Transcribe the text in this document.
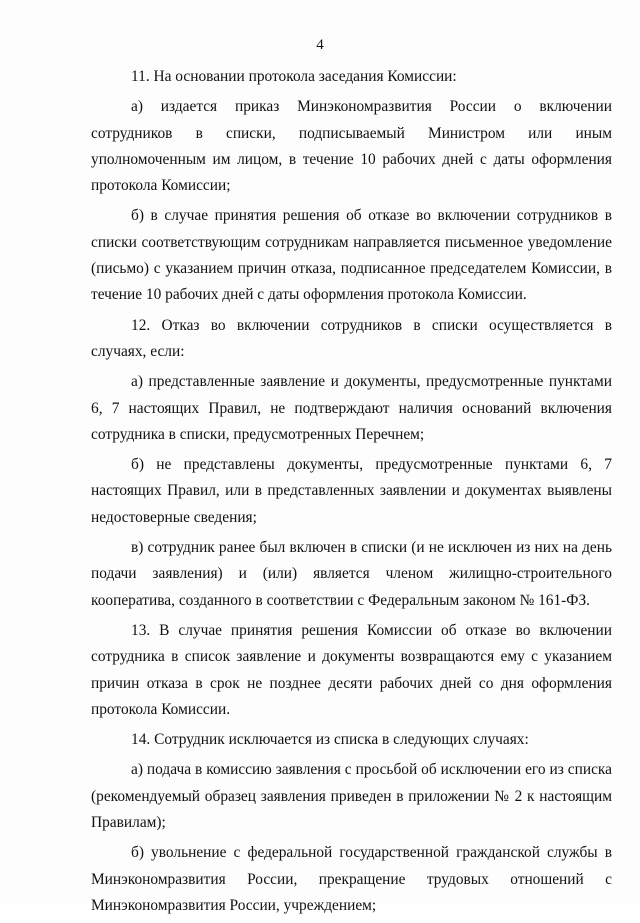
4

11. На основании протокола заседания Комиссии:

а) издается приказ Минэкономразвития России о включении сотрудников в списки, подписываемый Министром или иным уполномоченным им лицом, в течение 10 рабочих дней с даты оформления протокола Комиссии;

б) в случае принятия решения об отказе во включении сотрудников в списки соответствующим сотрудникам направляется письменное уведомление (письмо) с указанием причин отказа, подписанное председателем Комиссии, в течение 10 рабочих дней с даты оформления протокола Комиссии.

12. Отказ во включении сотрудников в списки осуществляется в случаях, если:

а) представленные заявление и документы, предусмотренные пунктами 6, 7 настоящих Правил, не подтверждают наличия оснований включения сотрудника в списки, предусмотренных Перечнем;

б) не представлены документы, предусмотренные пунктами 6, 7 настоящих Правил, или в представленных заявлении и документах выявлены недостоверные сведения;

в) сотрудник ранее был включен в списки (и не исключен из них на день подачи заявления) и (или) является членом жилищно-строительного кооператива, созданного в соответствии с Федеральным законом № 161-ФЗ.

13. В случае принятия решения Комиссии об отказе во включении сотрудника в список заявление и документы возвращаются ему с указанием причин отказа в срок не позднее десяти рабочих дней со дня оформления протокола Комиссии.

14. Сотрудник исключается из списка в следующих случаях:

а) подача в комиссию заявления с просьбой об исключении его из списка (рекомендуемый образец заявления приведен в приложении № 2 к настоящим Правилам);

б) увольнение с федеральной государственной гражданской службы в Минэкономразвития России, прекращение трудовых отношений с Минэкономразвития России, учреждением;
